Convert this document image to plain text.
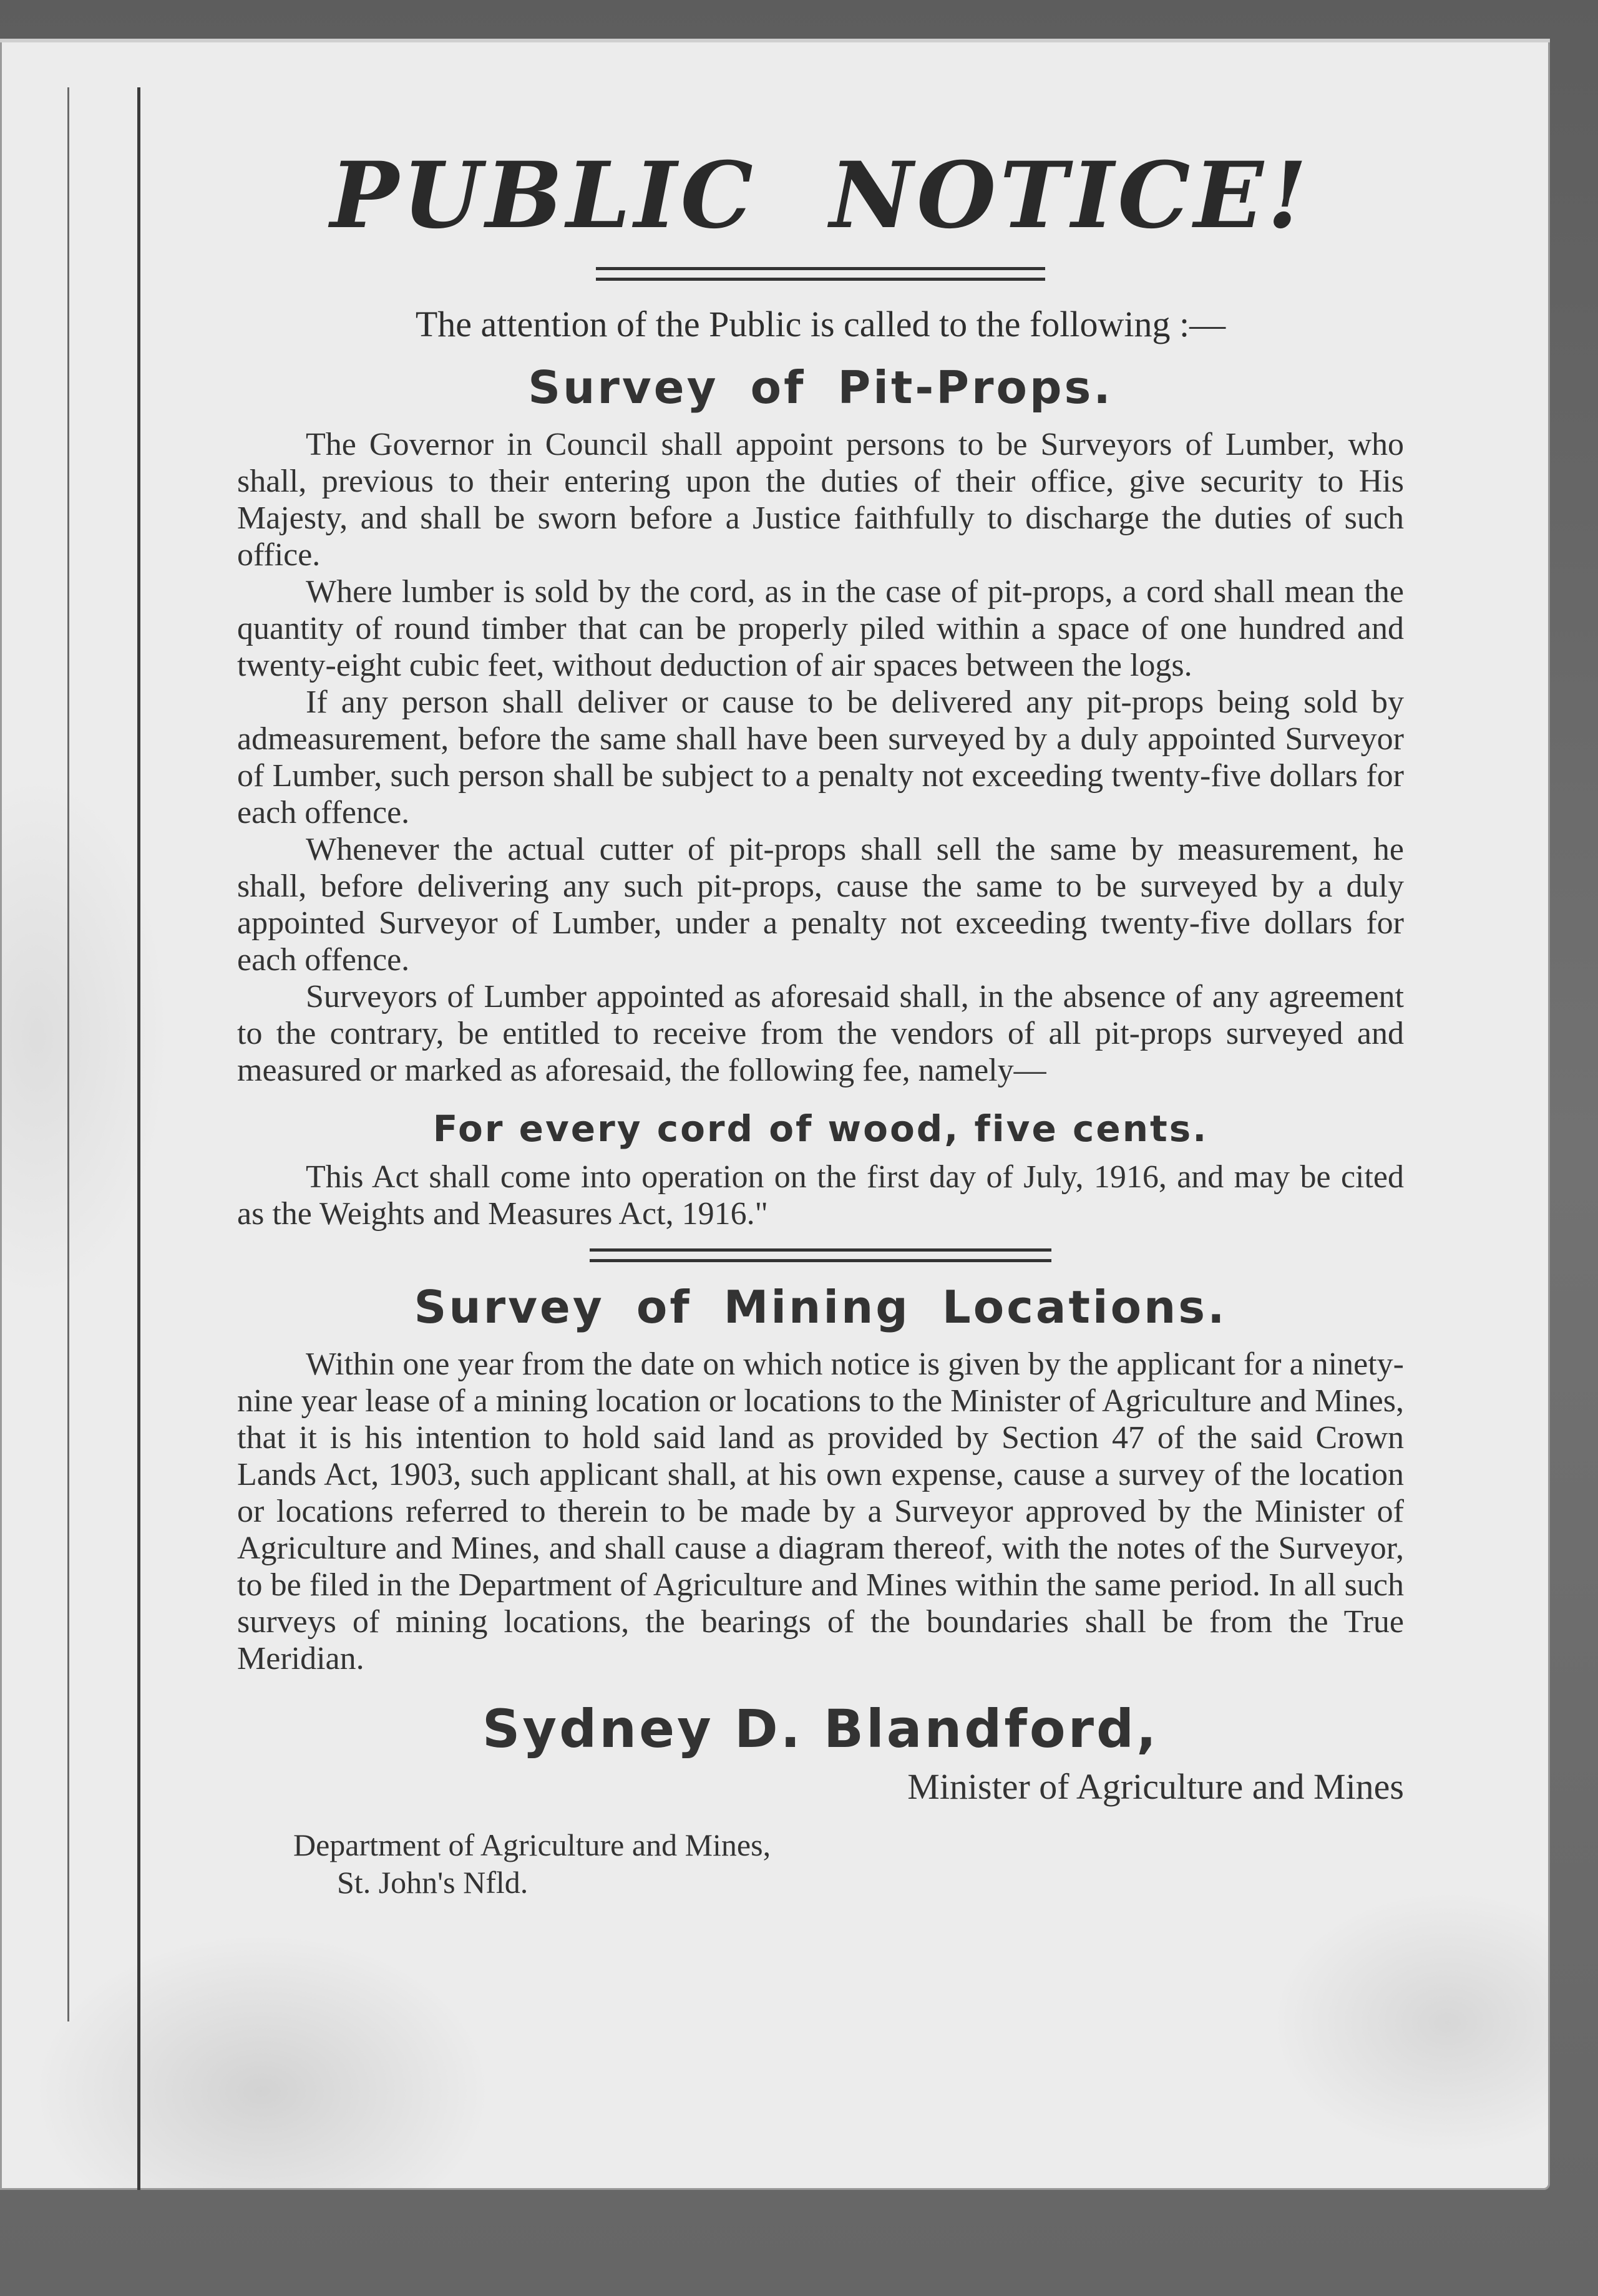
PUBLIC NOTICE!

The attention of the Public is called to the following :—

Survey of Pit-Props.

The Governor in Council shall appoint persons to be Surveyors of Lumber, who shall, previous to their entering upon the duties of their office, give security to His Majesty, and shall be sworn before a Justice faithfully to discharge the duties of such office.

Where lumber is sold by the cord, as in the case of pit-props, a cord shall mean the quantity of round timber that can be properly piled within a space of one hundred and twenty-eight cubic feet, without deduction of air spaces between the logs.

If any person shall deliver or cause to be delivered any pit-props being sold by admeasurement, before the same shall have been surveyed by a duly appointed Surveyor of Lumber, such person shall be subject to a penalty not exceeding twenty-five dollars for each offence.

Whenever the actual cutter of pit-props shall sell the same by measurement, he shall, before delivering any such pit-props, cause the same to be surveyed by a duly appointed Surveyor of Lumber, under a penalty not exceeding twenty-five dollars for each offence.

Surveyors of Lumber appointed as aforesaid shall, in the absence of any agreement to the contrary, be entitled to receive from the vendors of all pit-props surveyed and measured or marked as aforesaid, the following fee, namely—

For every cord of wood, five cents.

This Act shall come into operation on the first day of July, 1916, and may be cited as the Weights and Measures Act, 1916."

Survey of Mining Locations.

Within one year from the date on which notice is given by the applicant for a ninety-nine year lease of a mining location or locations to the Minister of Agriculture and Mines, that it is his intention to hold said land as provided by Section 47 of the said Crown Lands Act, 1903, such applicant shall, at his own expense, cause a survey of the location or locations referred to therein to be made by a Surveyor approved by the Minister of Agriculture and Mines, and shall cause a diagram thereof, with the notes of the Surveyor, to be filed in the Department of Agriculture and Mines within the same period. In all such surveys of mining locations, the bearings of the boundaries shall be from the True Meridian.

Sydney D. Blandford,
Minister of Agriculture and Mines
Department of Agriculture and Mines,
St. John's Nfld.
